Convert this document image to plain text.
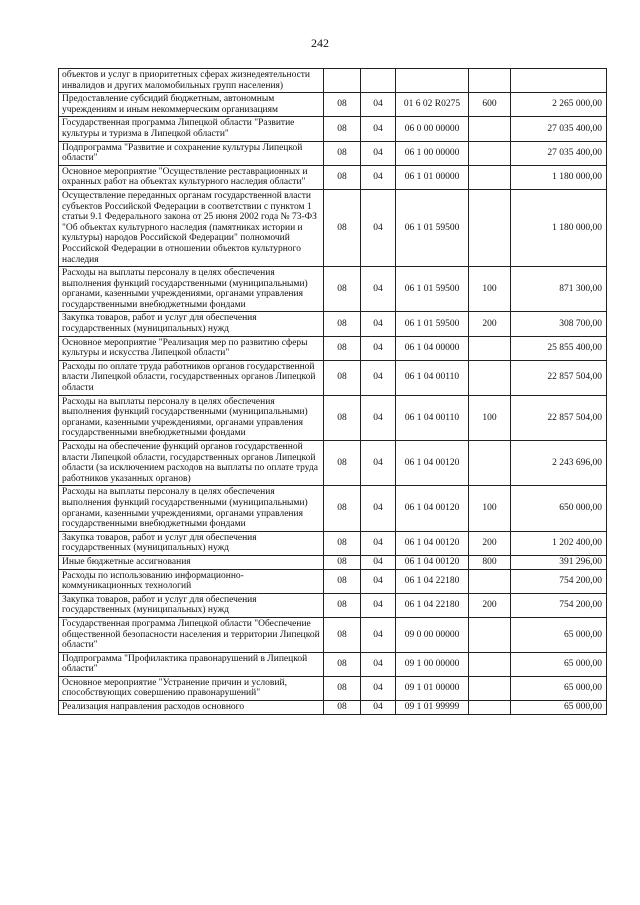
242
объектов и услуг в приоритетных сферах жизнедеятельности инвалидов и других маломобильных групп населения)					
Предоставление субсидий бюджетным, автономным учреждениям и иным некоммерческим организациям	08	04	01 6 02 R0275	600	2 265 000,00
Государственная программа Липецкой области "Развитие культуры и туризма в Липецкой области"	08	04	06 0 00 00000		27 035 400,00
Подпрограмма "Развитие и сохранение культуры Липецкой области"	08	04	06 1 00 00000		27 035 400,00
Основное мероприятие "Осуществление реставрационных и охранных работ на объектах культурного наследия области"	08	04	06 1 01 00000		1 180 000,00
Осуществление переданных органам государственной власти субъектов Российской Федерации в соответствии с пунктом 1 статьи 9.1 Федерального закона от 25 июня 2002 года № 73-ФЗ "Об объектах культурного наследия (памятниках истории и культуры) народов Российской Федерации" полномочий Российской Федерации в отношении объектов культурного наследия	08	04	06 1 01 59500		1 180 000,00
Расходы на выплаты персоналу в целях обеспечения выполнения функций государственными (муниципальными) органами, казенными учреждениями, органами управления государственными внебюджетными фондами	08	04	06 1 01 59500	100	871 300,00
Закупка товаров, работ и услуг для обеспечения государственных (муниципальных) нужд	08	04	06 1 01 59500	200	308 700,00
Основное мероприятие "Реализация мер по развитию сферы культуры и искусства Липецкой области"	08	04	06 1 04 00000		25 855 400,00
Расходы по оплате труда работников органов государственной власти Липецкой области, государственных органов Липецкой области	08	04	06 1 04 00110		22 857 504,00
Расходы на выплаты персоналу в целях обеспечения выполнения функций государственными (муниципальными) органами, казенными учреждениями, органами управления государственными внебюджетными фондами	08	04	06 1 04 00110	100	22 857 504,00
Расходы на обеспечение функций органов государственной власти Липецкой области, государственных органов Липецкой области (за исключением расходов на выплаты по оплате труда работников указанных органов)	08	04	06 1 04 00120		2 243 696,00
Расходы на выплаты персоналу в целях обеспечения выполнения функций государственными (муниципальными) органами, казенными учреждениями, органами управления государственными внебюджетными фондами	08	04	06 1 04 00120	100	650 000,00
Закупка товаров, работ и услуг для обеспечения государственных (муниципальных) нужд	08	04	06 1 04 00120	200	1 202 400,00
Иные бюджетные ассигнования	08	04	06 1 04 00120	800	391 296,00
Расходы по использованию информационно-коммуникационных технологий	08	04	06 1 04 22180		754 200,00
Закупка товаров, работ и услуг для обеспечения государственных (муниципальных) нужд	08	04	06 1 04 22180	200	754 200,00
Государственная программа Липецкой области "Обеспечение общественной безопасности населения и территории Липецкой области"	08	04	09 0 00 00000		65 000,00
Подпрограмма "Профилактика правонарушений в Липецкой области"	08	04	09 1 00 00000		65 000,00
Основное мероприятие "Устранение причин и условий, способствующих совершению правонарушений"	08	04	09 1 01 00000		65 000,00
Реализация направления расходов основного	08	04	09 1 01 99999		65 000,00
